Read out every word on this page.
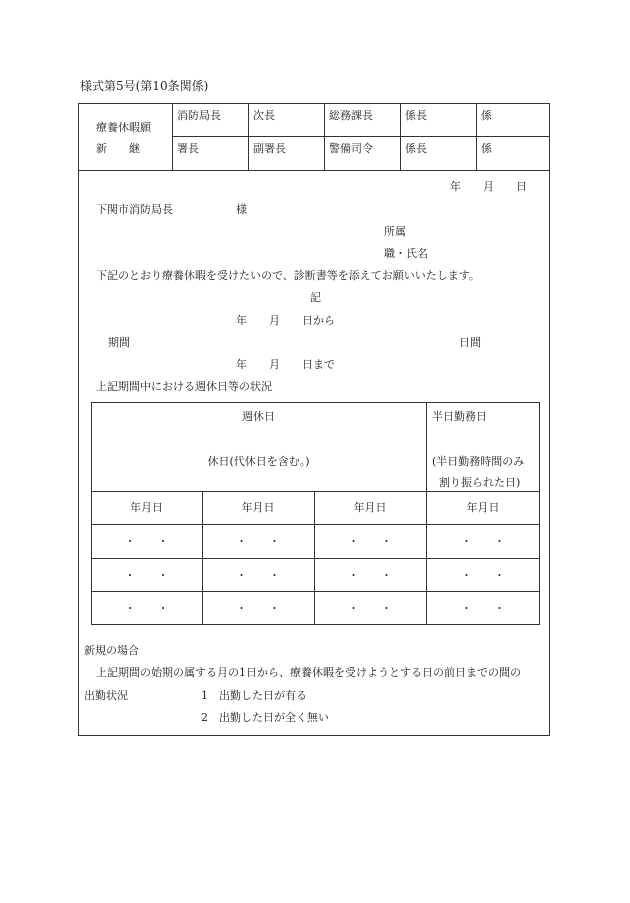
様式第5号(第10条関係)
療養休暇願
新　　継
消防局長	次長	総務課長	係長	係
署長	副署長	警備司令	係長	係
年　　月　　日
下関市消防局長	様
所属
職・氏名
下記のとおり療養休暇を受けたいので、診断書等を添えてお願いいたします。
記
年　　月　　日から
期間	日間
年　　月　　日まで
上記期間中における週休日等の状況
週休日
休日(代休日を含む。)
半日勤務日
(半日勤務時間のみ
割り振られた日)
年月日	年月日	年月日	年月日
・　　・	・　　・	・　　・	・　　・
・　　・	・　　・	・　　・	・　　・
・　　・	・　　・	・　　・	・　　・
新規の場合
上記期間の始期の属する月の1日から、療養休暇を受けようとする日の前日までの間の
出勤状況	1　出勤した日が有る
2　出勤した日が全く無い
